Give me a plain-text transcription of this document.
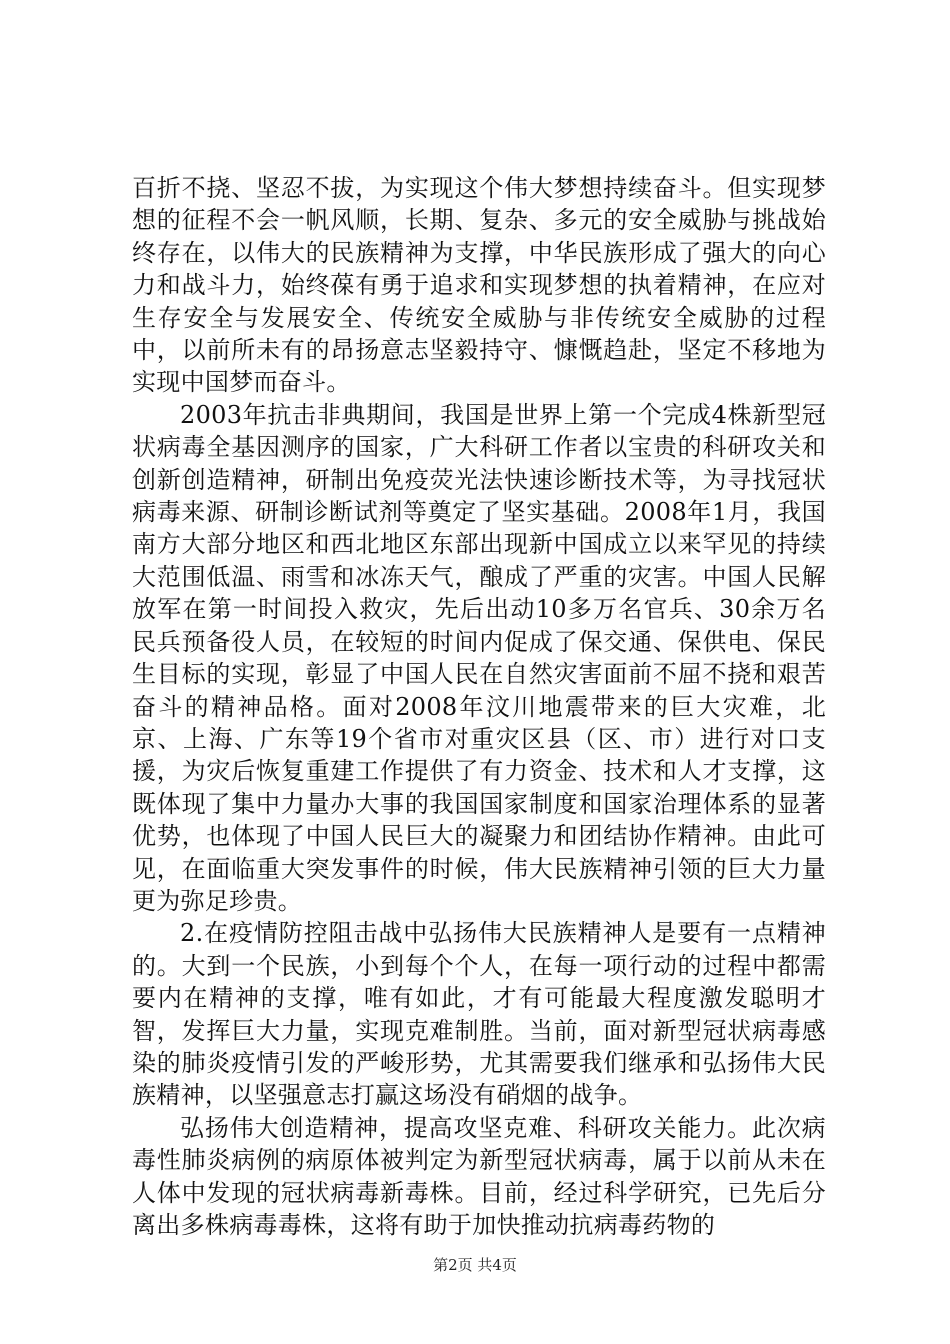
百折不挠、坚忍不拔，为实现这个伟大梦想持续奋斗。但实现梦想的征程不会一帆风顺，长期、复杂、多元的安全威胁与挑战始终存在，以伟大的民族精神为支撑，中华民族形成了强大的向心力和战斗力，始终葆有勇于追求和实现梦想的执着精神，在应对生存安全与发展安全、传统安全威胁与非传统安全威胁的过程中，以前所未有的昂扬意志坚毅持守、慷慨趋赴，坚定不移地为实现中国梦而奋斗。

2003年抗击非典期间，我国是世界上第一个完成4株新型冠状病毒全基因测序的国家，广大科研工作者以宝贵的科研攻关和创新创造精神，研制出免疫荧光法快速诊断技术等，为寻找冠状病毒来源、研制诊断试剂等奠定了坚实基础。2008年1月，我国南方大部分地区和西北地区东部出现新中国成立以来罕见的持续大范围低温、雨雪和冰冻天气，酿成了严重的灾害。中国人民解放军在第一时间投入救灾，先后出动10多万名官兵、30余万名民兵预备役人员，在较短的时间内促成了保交通、保供电、保民生目标的实现，彰显了中国人民在自然灾害面前不屈不挠和艰苦奋斗的精神品格。面对2008年汶川地震带来的巨大灾难，北京、上海、广东等19个省市对重灾区县（区、市）进行对口支援，为灾后恢复重建工作提供了有力资金、技术和人才支撑，这既体现了集中力量办大事的我国国家制度和国家治理体系的显著优势，也体现了中国人民巨大的凝聚力和团结协作精神。由此可见，在面临重大突发事件的时候，伟大民族精神引领的巨大力量更为弥足珍贵。

2.在疫情防控阻击战中弘扬伟大民族精神人是要有一点精神的。大到一个民族，小到每个个人，在每一项行动的过程中都需要内在精神的支撑，唯有如此，才有可能最大程度激发聪明才智，发挥巨大力量，实现克难制胜。当前，面对新型冠状病毒感染的肺炎疫情引发的严峻形势，尤其需要我们继承和弘扬伟大民族精神，以坚强意志打赢这场没有硝烟的战争。

弘扬伟大创造精神，提高攻坚克难、科研攻关能力。此次病毒性肺炎病例的病原体被判定为新型冠状病毒，属于以前从未在人体中发现的冠状病毒新毒株。目前，经过科学研究，已先后分离出多株病毒毒株，这将有助于加快推动抗病毒药物的

第2页 共4页
